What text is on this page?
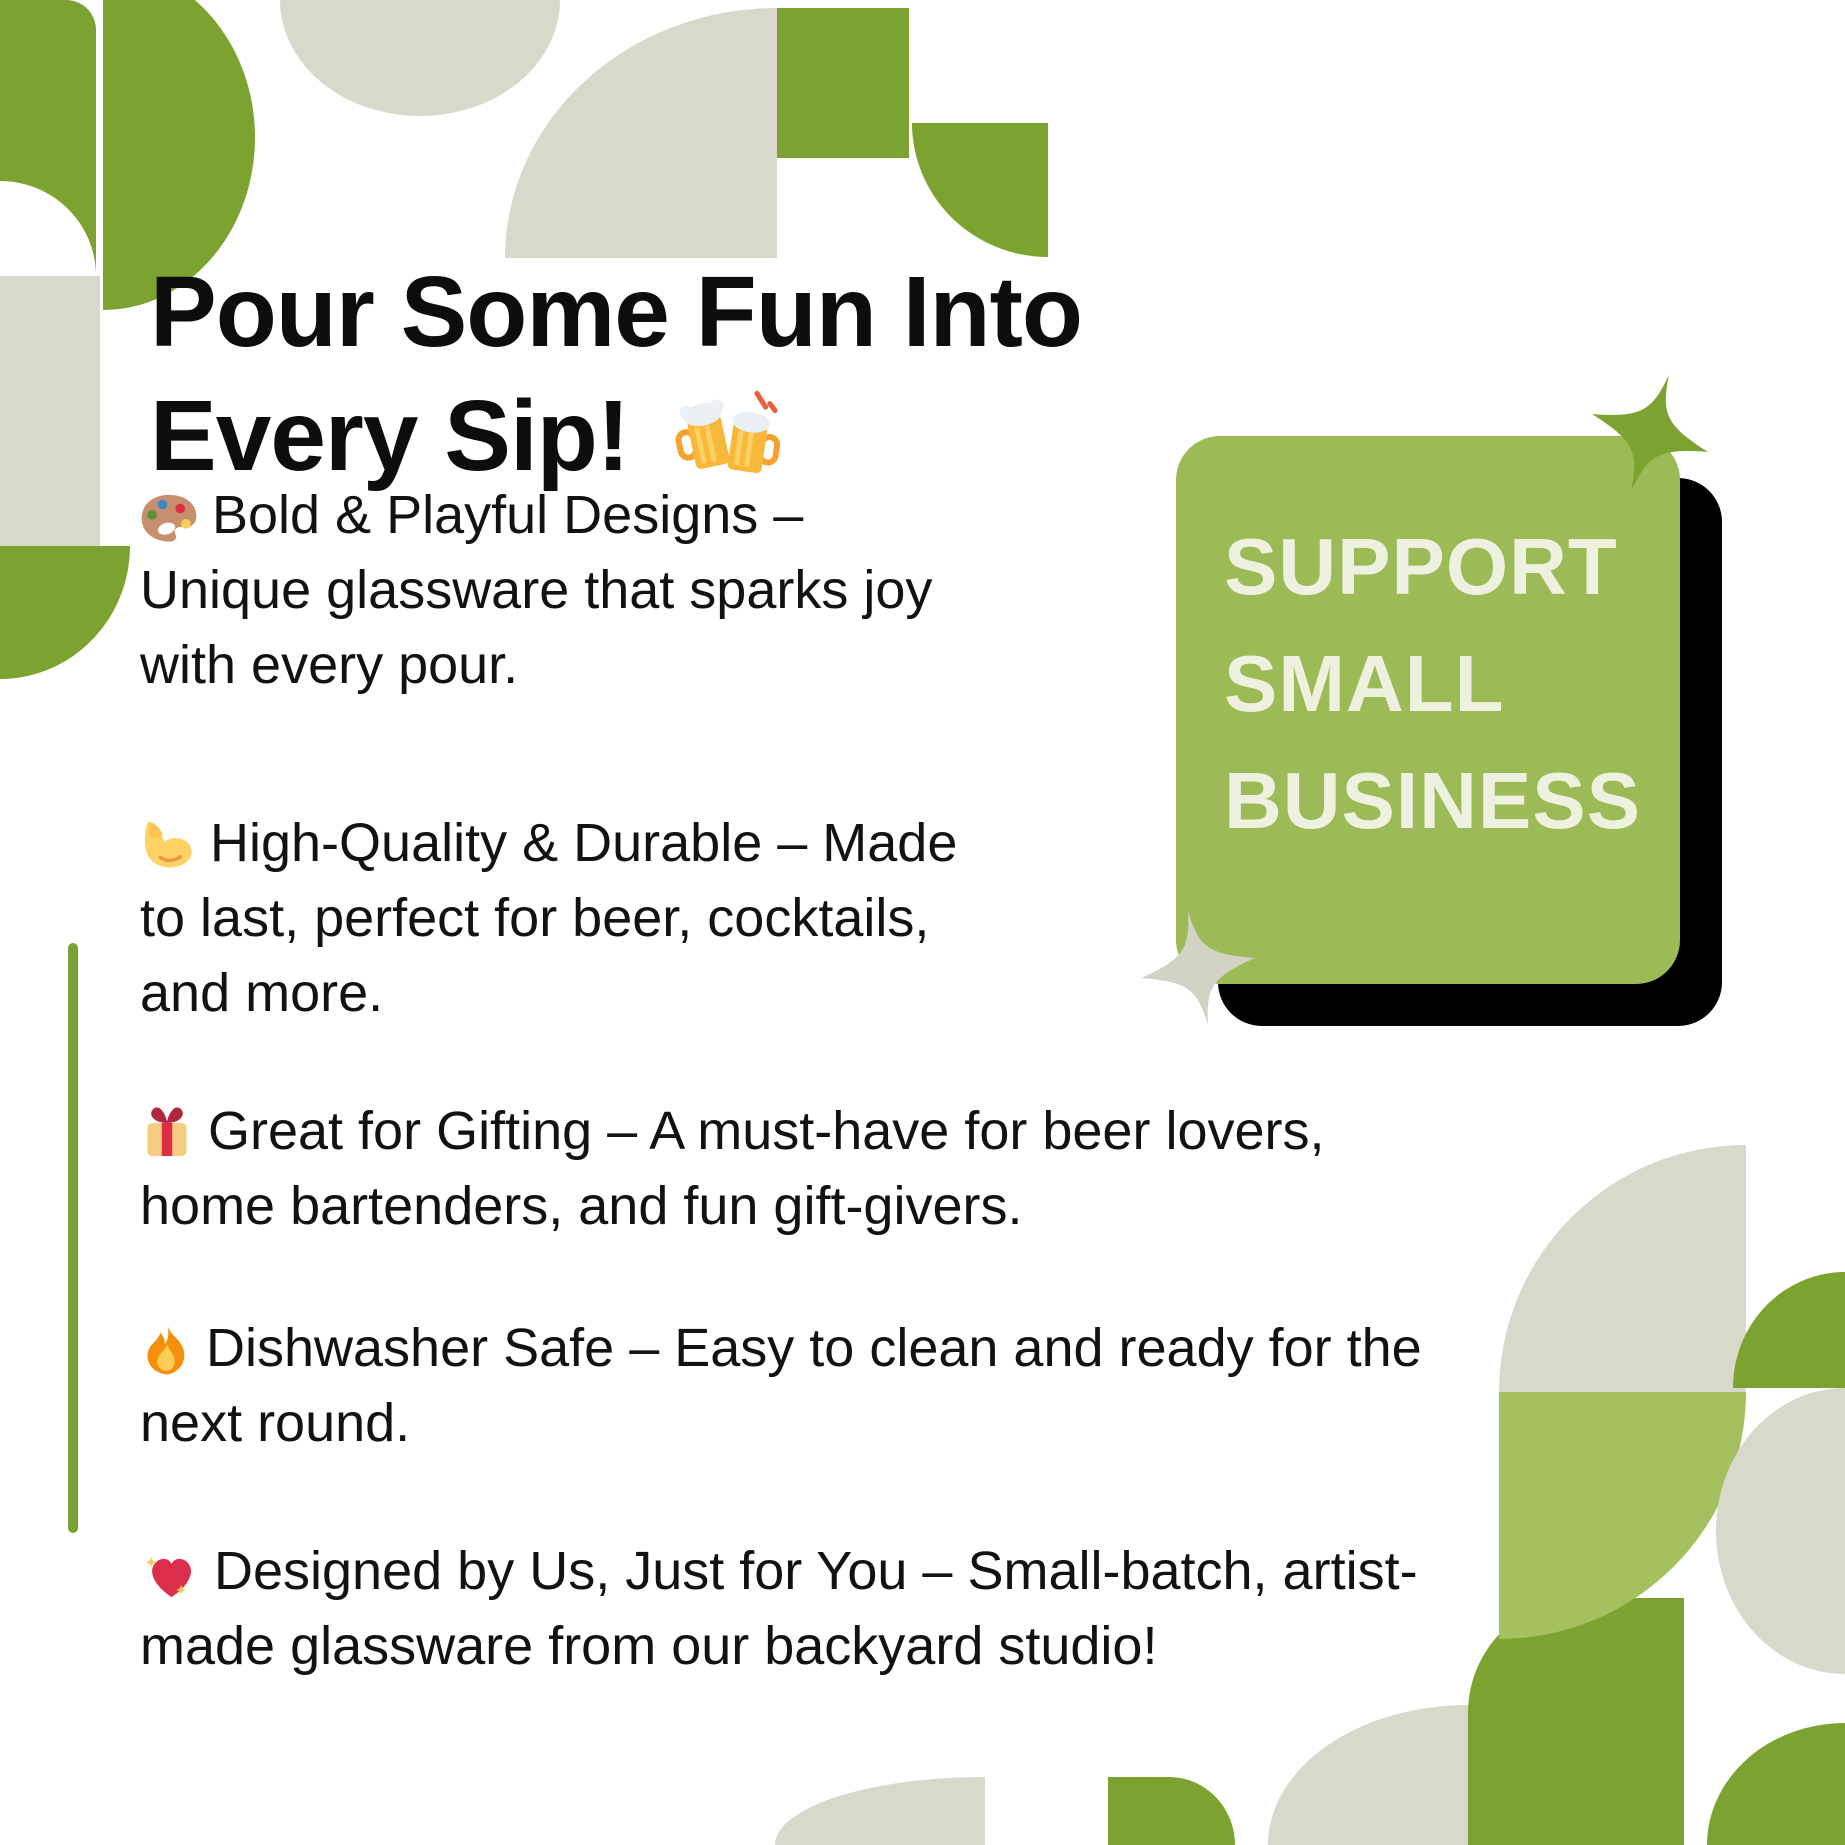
Pour Some Fun Into
Every Sip!
Bold & Playful Designs –
Unique glassware that sparks joy
with every pour.
High-Quality & Durable – Made
to last, perfect for beer, cocktails,
and more.
Great for Gifting – A must-have for beer lovers,
home bartenders, and fun gift-givers.
Dishwasher Safe – Easy to clean and ready for the
next round.
Designed by Us, Just for You – Small-batch, artist-
made glassware from our backyard studio!
SUPPORT
SMALL
BUSINESS
